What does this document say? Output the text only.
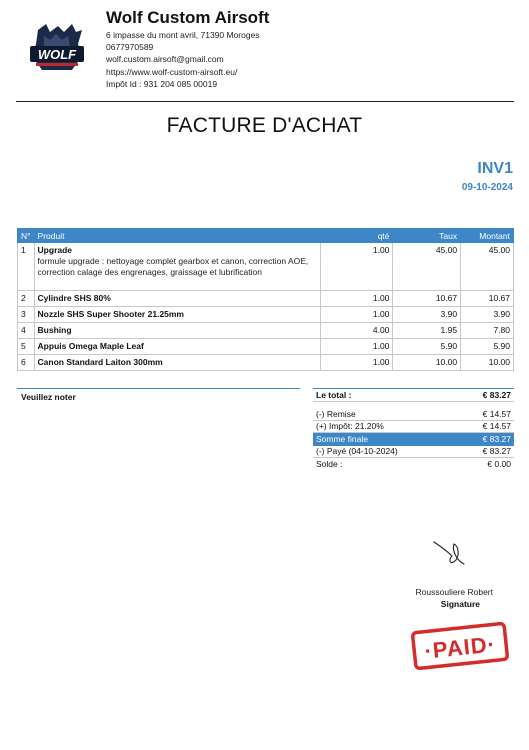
WOLF
Wolf Custom Airsoft
6 impasse du mont avril, 71390 Moroges
0677970589
wolf.custom.airsoft@gmail.com
https://www.wolf-custom-airsoft.eu/
Impôt Id : 931 204 085 00019
FACTURE D'ACHAT
INV1
09-10-2024
N°	Produit	qté	Taux	Montant
1	Upgrade
formule upgrade : nettoyage complet gearbox et canon, correction AOE, correction calage des engrenages, graissage et lubrification	1.00	45.00	45.00
2	Cylindre SHS 80%	1.00	10.67	10.67
3	Nozzle SHS Super Shooter 21.25mm	1.00	3.90	3.90
4	Bushing	4.00	1.95	7.80
5	Appuis Omega Maple Leaf	1.00	5.90	5.90
6	Canon Standard Laiton 300mm	1.00	10.00	10.00
Veuillez noter	Le total :	€ 83.27
(-) Remise	€ 14.57
(+) Impôt: 21.20%	€ 14.57
Somme finale	€ 83.27
(-) Payé (04-10-2024)	€ 83.27
Solde :	€ 0.00
Roussouliere Robert
Signature
·PAID·
